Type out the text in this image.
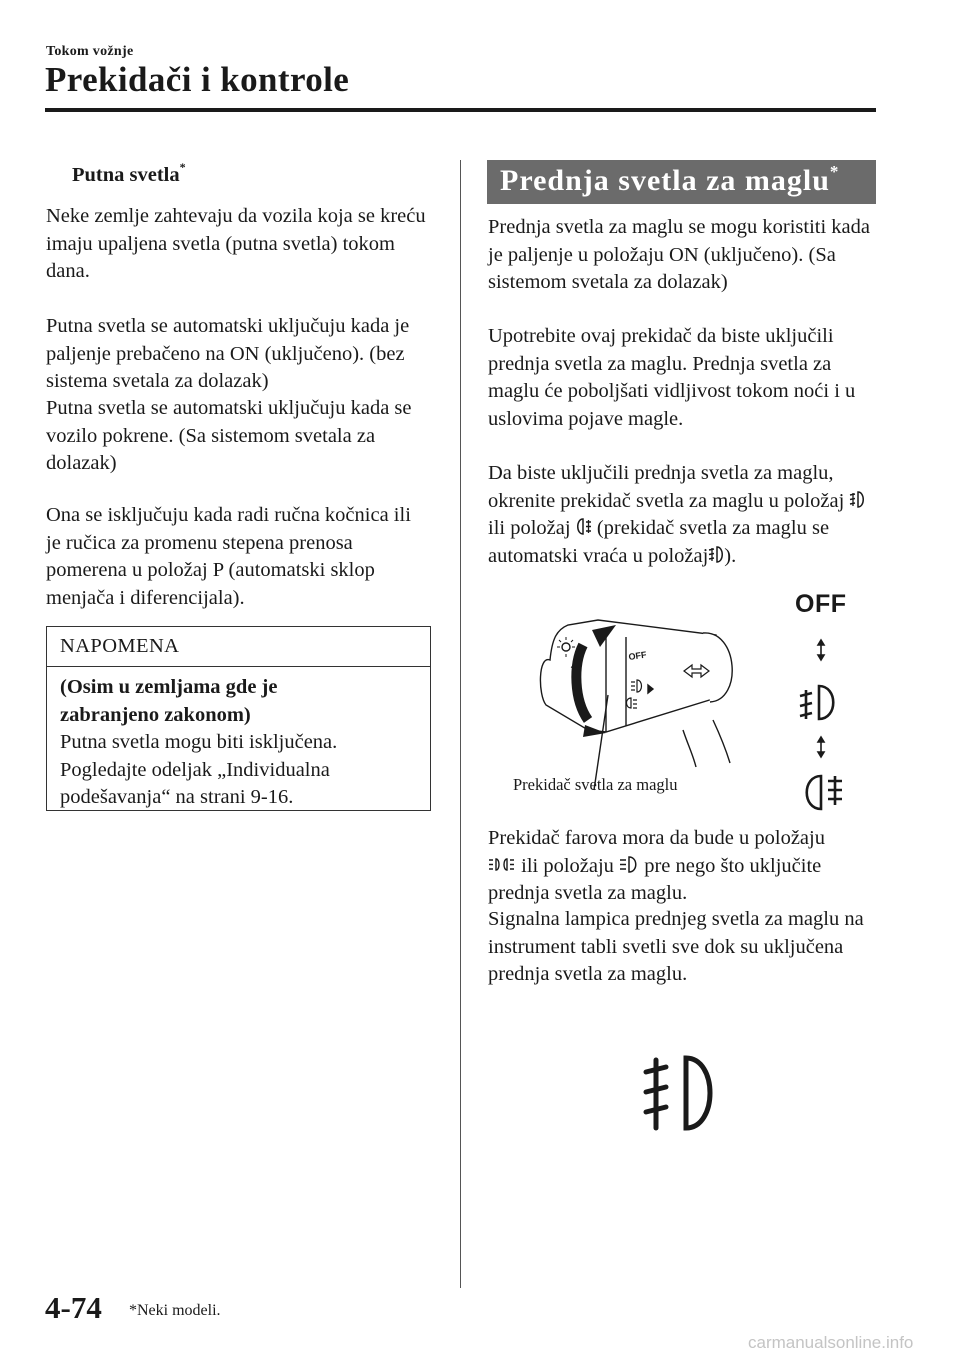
Tokom vožnje
Prekidači i kontrole
Putna svetla*

Neke zemlje zahtevaju da vozila koja se kreću imaju upaljena svetla (putna svetla) tokom dana.

Putna svetla se automatski uključuju kada je paljenje prebačeno na ON (uključeno). (bez sistema svetala za dolazak)

Putna svetla se automatski uključuju kada se vozilo pokrene. (Sa sistemom svetala za dolazak)

Ona se isključuju kada radi ručna kočnica ili je ručica za promenu stepena prenosa pomerena u položaj P (automatski sklop menjača i diferencijala).

NAPOMENA
(Osim u zemljama gde je
zabranjeno zakonom)
Putna svetla mogu biti isključena. Pogledajte odeljak „Individualna podešavanja“ na strani 9-16.
Prednja svetla za maglu*

Prednja svetla za maglu se mogu koristiti kada je paljenje u položaju ON (uključeno). (Sa sistemom svetala za dolazak)

Upotrebite ovaj prekidač da biste uključili prednja svetla za maglu. Prednja svetla za maglu će poboljšati vidljivost tokom noći i u uslovima pojave magle.

Da biste uključili prednja svetla za maglu, okrenite prekidač svetla za maglu u položaj  ili položaj (prekidač svetla za maglu se automatski vraća u položaj ).

OFF
OFF
Prekidač svetla za maglu

Prekidač farova mora da bude u položaju
ili položaju pre nego što uključite prednja svetla za maglu.

Signalna lampica prednjeg svetla za maglu na instrument tabli svetli sve dok su uključena prednja svetla za maglu.

4-74 *Neki modeli.
carmanualsonline.info
